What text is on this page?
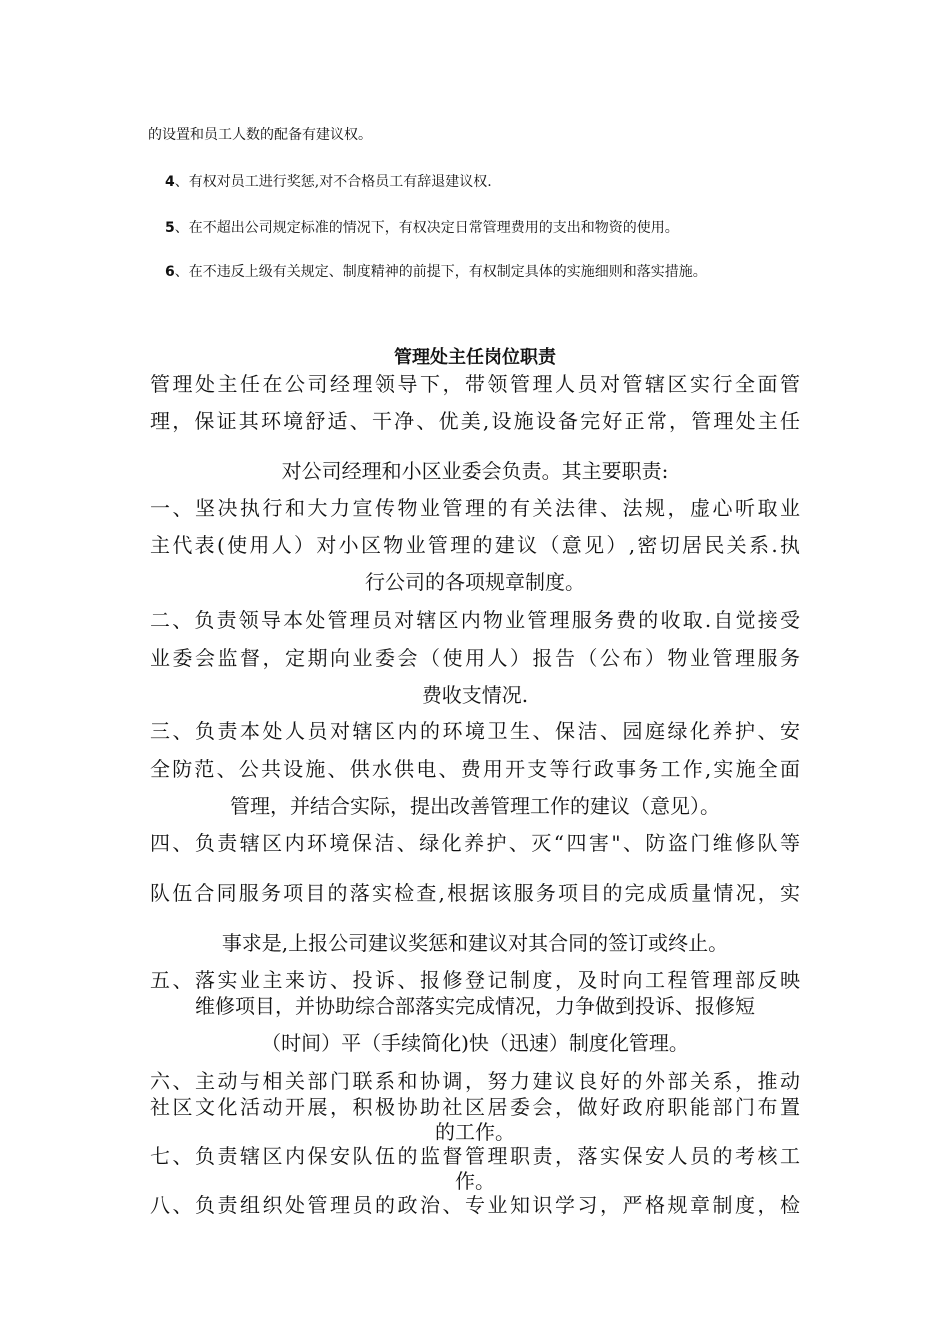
的设置和员工人数的配备有建议权。
4、有权对员工进行奖惩,对不合格员工有辞退建议权.
5、在不超出公司规定标准的情况下，有权决定日常管理费用的支出和物资的使用。
6、在不违反上级有关规定、制度精神的前提下，有权制定具体的实施细则和落实措施。
管理处主任岗位职责
管理处主任在公司经理领导下，带领管理人员对管辖区实行全面管
理，保证其环境舒适、干净、优美,设施设备完好正常，管理处主任
对公司经理和小区业委会负责。其主要职责:
一、坚决执行和大力宣传物业管理的有关法律、法规，虚心听取业
主代表(使用人）对小区物业管理的建议（意见）,密切居民关系.执
行公司的各项规章制度。
二、负责领导本处管理员对辖区内物业管理服务费的收取.自觉接受
业委会监督，定期向业委会（使用人）报告（公布）物业管理服务
费收支情况.
三、负责本处人员对辖区内的环境卫生、保洁、园庭绿化养护、安
全防范、公共设施、供水供电、费用开支等行政事务工作,实施全面
管理，并结合实际，提出改善管理工作的建议（意见）。
四、负责辖区内环境保洁、绿化养护、灭“四害"、防盗门维修队等
队伍合同服务项目的落实检查,根据该服务项目的完成质量情况，实
事求是,上报公司建议奖惩和建议对其合同的签订或终止。
五、落实业主来访、投诉、报修登记制度，及时向工程管理部反映
维修项目，并协助综合部落实完成情况，力争做到投诉、报修短
（时间）平（手续简化)快（迅速）制度化管理。
六、主动与相关部门联系和协调，努力建议良好的外部关系，推动
社区文化活动开展，积极协助社区居委会，做好政府职能部门布置
的工作。
七、负责辖区内保安队伍的监督管理职责，落实保安人员的考核工
作。
八、负责组织处管理员的政治、专业知识学习，严格规章制度，检
